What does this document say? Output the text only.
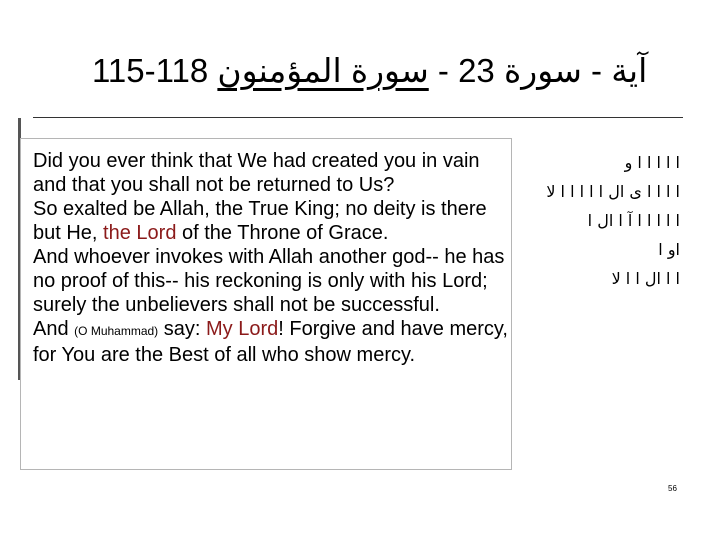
115-118	آية - سورة 23 - سورة المؤمنون

Did you ever think that We had created you in vain and that you shall not be returned to Us?

So exalted be Allah, the True King; no deity is there but He, the Lord of the Throne of Grace.

And whoever invokes with Allah another god-- he has no proof of this-- his reckoning is only with his Lord; surely the unbelievers shall not be successful.

And (O Muhammad) say: My Lord! Forgive and have mercy, for You are the Best of all who show mercy.

ا ا ا ا ا و
ا ا ا ا ى ال ا ا ا ا ا لا
ا ا ا ا ا آ ا ال ا
او ا
ا ا ال ا ا لا
56
